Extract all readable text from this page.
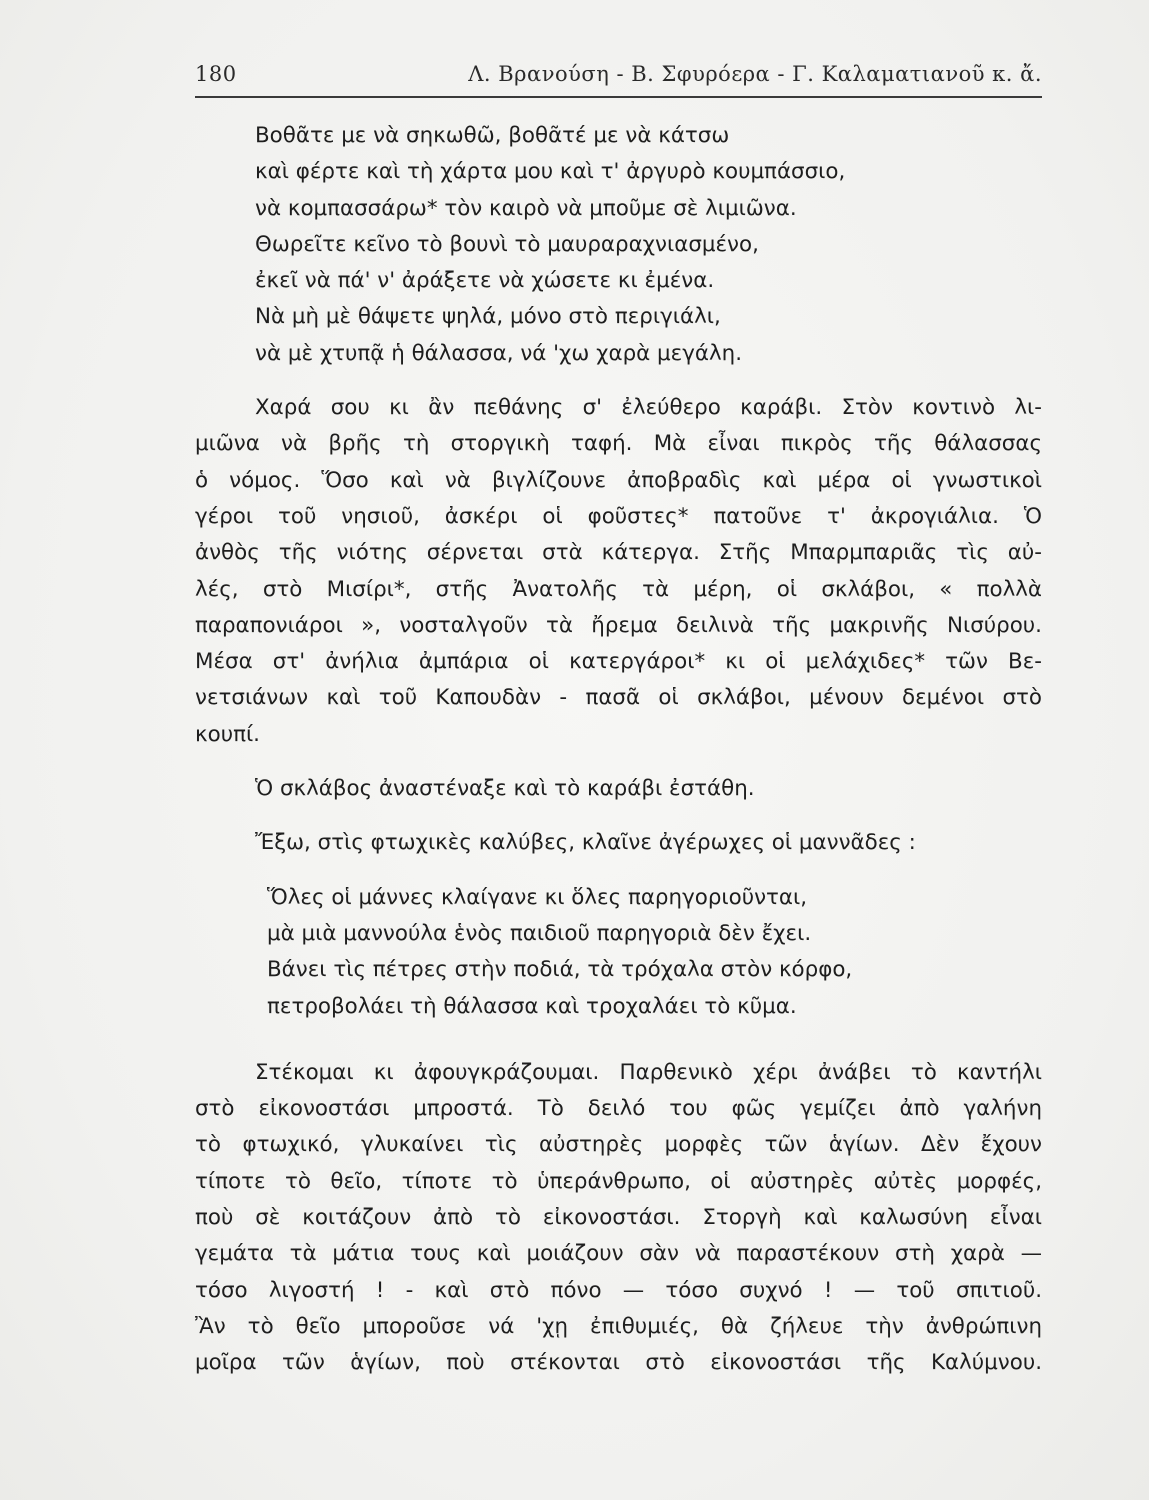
180	Λ. Βρανούση - Β. Σφυρόερα - Γ. Καλαματιανοῦ κ. ἄ.
Βοθᾶτε με νὰ σηκωθῶ, βοθᾶτέ με νὰ κάτσω
καὶ φέρτε καὶ τὴ χάρτα μου καὶ τ' ἀργυρὸ κουμπάσσιο,
νὰ κομπασσάρω* τὸν καιρὸ νὰ μποῦμε σὲ λιμιῶνα.
Θωρεῖτε κεῖνο τὸ βουνὶ τὸ μαυραραχνιασμένο,
ἐκεῖ νὰ πά' ν' ἀράξετε νὰ χώσετε κι ἐμένα.
Νὰ μὴ μὲ θάψετε ψηλά, μόνο στὸ περιγιάλι,
νὰ μὲ χτυπᾷ ἡ θάλασσα, νά 'χω χαρὰ μεγάλη.
Χαρά σου κι ἂν πεθάνης σ' ἐλεύθερο καράβι. Στὸν κοντινὸ λι-
μιῶνα νὰ βρῆς τὴ στοργικὴ ταφή. Μὰ εἶναι πικρὸς τῆς θάλασσας
ὁ νόμος. Ὅσο καὶ νὰ βιγλίζουνε ἀποβραδὶς καὶ μέρα οἱ γνωστικοὶ
γέροι τοῦ νησιοῦ, ἀσκέρι οἱ φοῦστες* πατοῦνε τ' ἀκρογιάλια. Ὁ
ἀνθὸς τῆς νιότης σέρνεται στὰ κάτεργα. Στῆς Μπαρμπαριᾶς τὶς αὐ-
λές, στὸ Μισίρι*, στῆς Ἀνατολῆς τὰ μέρη, οἱ σκλάβοι, « πολλὰ
παραπονιάροι », νοσταλγοῦν τὰ ἤρεμα δειλινὰ τῆς μακρινῆς Νισύρου.
Μέσα στ' ἀνήλια ἀμπάρια οἱ κατεργάροι* κι οἱ μελάχιδες* τῶν Βε-
νετσιάνων καὶ τοῦ Καπουδὰν - πασᾶ οἱ σκλάβοι, μένουν δεμένοι στὸ
κουπί.
Ὁ σκλάβος ἀναστέναξε καὶ τὸ καράβι ἐστάθη.
Ἔξω, στὶς φτωχικὲς καλύβες, κλαῖνε ἀγέρωχες οἱ μαννᾶδες :
Ὅλες οἱ μάννες κλαίγανε κι ὅλες παρηγοριοῦνται,
μὰ μιὰ μαννούλα ἑνὸς παιδιοῦ παρηγοριὰ δὲν ἔχει.
Βάνει τὶς πέτρες στὴν ποδιά, τὰ τρόχαλα στὸν κόρφο,
πετροβολάει τὴ θάλασσα καὶ τροχαλάει τὸ κῦμα.
Στέκομαι κι ἀφουγκράζουμαι. Παρθενικὸ χέρι ἀνάβει τὸ καντήλι
στὸ εἰκονοστάσι μπροστά. Τὸ δειλό του φῶς γεμίζει ἀπὸ γαλήνη
τὸ φτωχικό, γλυκαίνει τὶς αὐστηρὲς μορφὲς τῶν ἁγίων. Δὲν ἔχουν
τίποτε τὸ θεῖο, τίποτε τὸ ὑπεράνθρωπο, οἱ αὐστηρὲς αὐτὲς μορφές,
ποὺ σὲ κοιτάζουν ἀπὸ τὸ εἰκονοστάσι. Στοργὴ καὶ καλωσύνη εἶναι
γεμάτα τὰ μάτια τους καὶ μοιάζουν σὰν νὰ παραστέκουν στὴ χαρὰ —
τόσο λιγοστή ! - καὶ στὸ πόνο — τόσο συχνό ! — τοῦ σπιτιοῦ.
Ἂν τὸ θεῖο μποροῦσε νά 'χῃ ἐπιθυμιές, θὰ ζήλευε τὴν ἀνθρώπινη
μοῖρα τῶν ἁγίων, ποὺ στέκονται στὸ εἰκονοστάσι τῆς Καλύμνου.
